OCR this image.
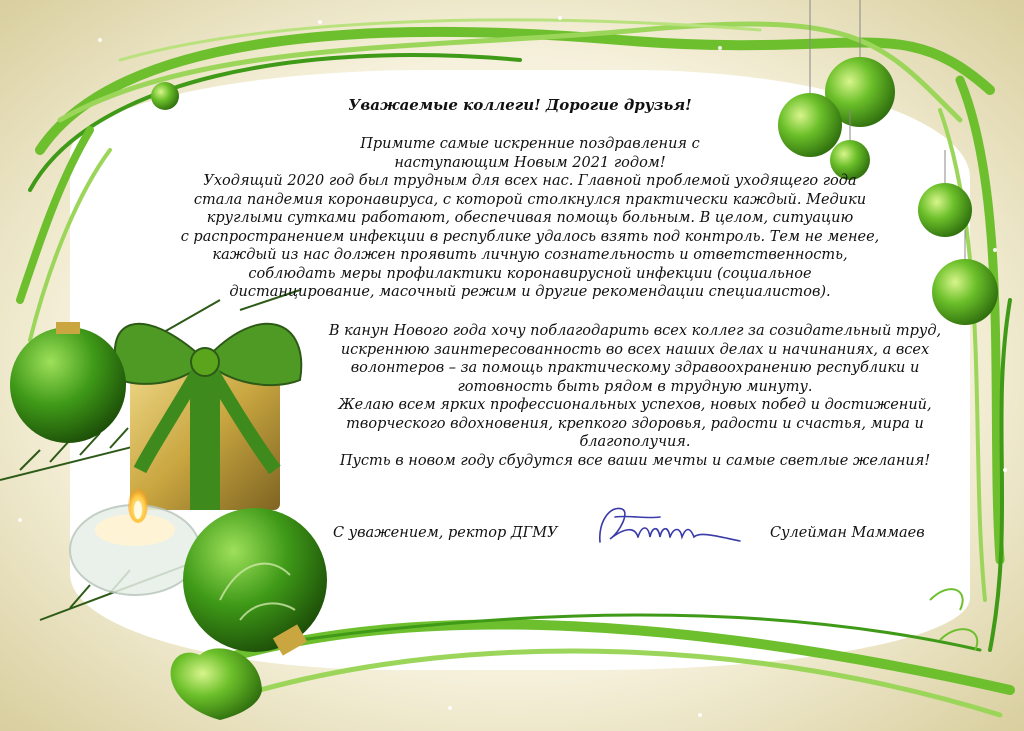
Уважаемые коллеги! Дорогие друзья!
Примите самые искренние поздравления с
наступающим Новым 2021 годом!
Уходящий 2020 год был трудным для всех нас. Главной проблемой уходящего года
стала пандемия коронавируса, с которой столкнулся практически каждый. Медики
круглыми сутками работают, обеспечивая помощь больным. В целом, ситуацию
с распространением инфекции в республике удалось взять под контроль. Тем не менее,
каждый из нас должен проявить личную сознательность и ответственность,
соблюдать меры профилактики коронавирусной инфекции (социальное
дистанцирование, масочный режим и другие рекомендации специалистов).
В канун Нового года хочу поблагодарить всех коллег за созидательный труд,
искреннюю заинтересованность во всех наших делах и начинаниях, а всех
волонтеров – за помощь практическому здравоохранению республики и
готовность быть рядом в трудную минуту.
Желаю всем ярких профессиональных успехов, новых побед и достижений,
творческого вдохновения, крепкого здоровья, радости и счастья, мира и
благополучия.
Пусть в новом году сбудутся все ваши мечты и самые светлые желания!
С уважением, ректор ДГМУ	Сулейман Маммаев
